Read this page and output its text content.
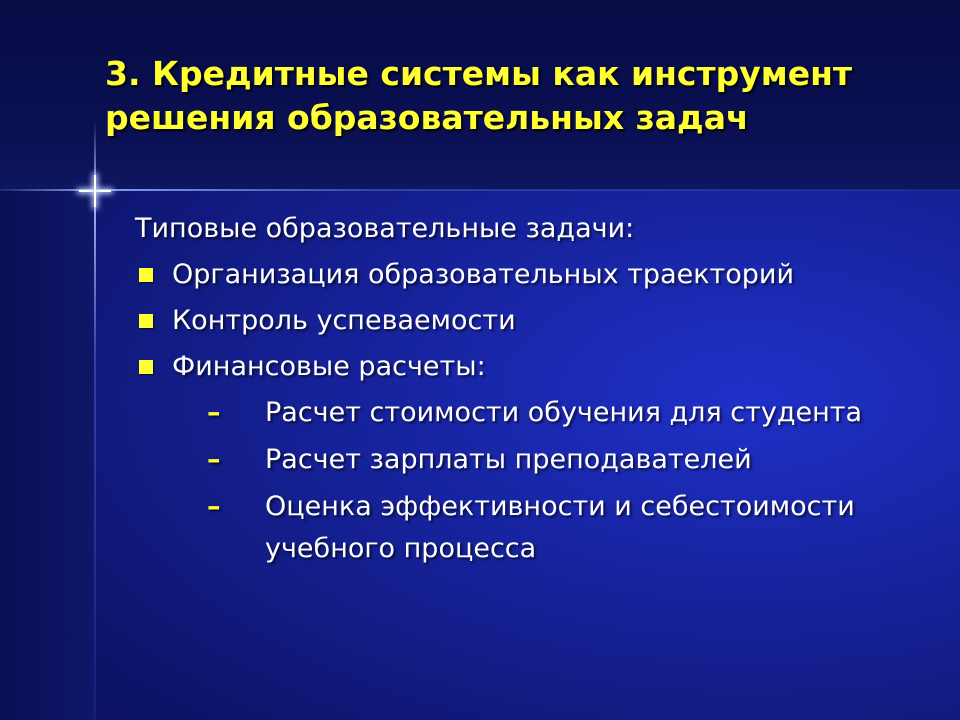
3. Кредитные системы как инструмент решения образовательных задач
Типовые образовательные задачи:
Организация образовательных траекторий
Контроль успеваемости
Финансовые расчеты:
– Расчет стоимости обучения для студента
– Расчет зарплаты преподавателей
– Оценка эффективности и себестоимости учебного процесса
